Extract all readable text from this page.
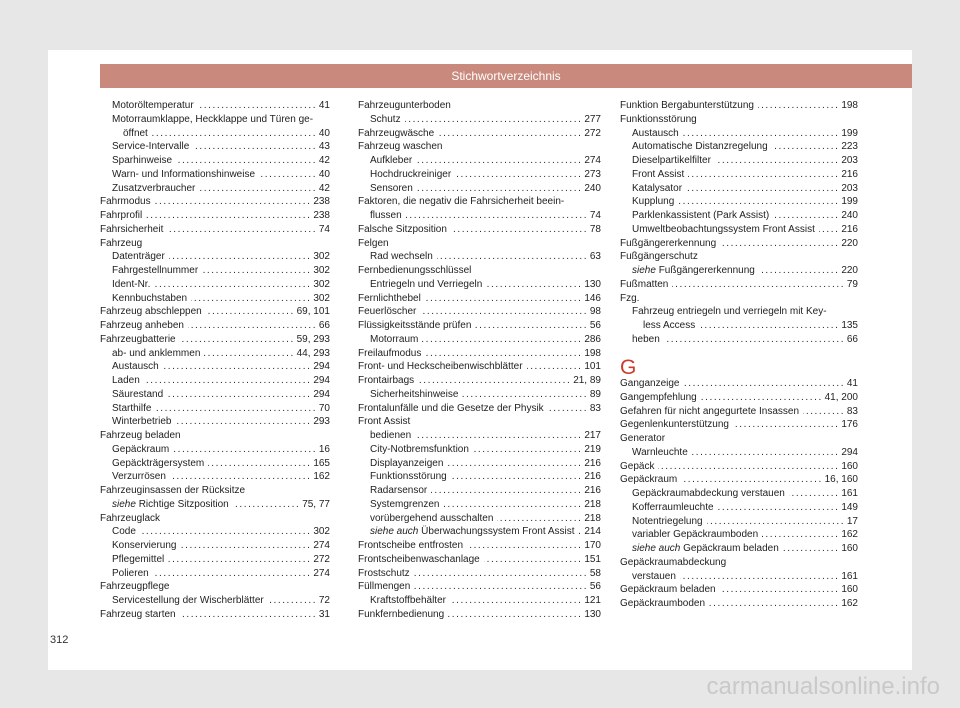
Stichwortverzeichnis
Motoröltemperatur . . .	41
Motorraumklappe, Heckklappe und Türen ge-
öffnet . . .	40
Service-Intervalle . . .	43
Sparhinweise . . .	42
Warn- und Informationshinweise . . .	40
Zusatzverbraucher . . .	42
Fahrmodus . . .	238
Fahrprofil . . .	238
Fahrsicherheit . . .	74
Fahrzeug
Datenträger . . .	302
Fahrgestellnummer . . .	302
Ident-Nr. . . .	302
Kennbuchstaben . . .	302
Fahrzeug abschleppen . . .	69, 101
Fahrzeug anheben . . .	66
Fahrzeugbatterie . . .	59, 293
ab- und anklemmen . . .	44, 293
Austausch . . .	294
Laden . . .	294
Säurestand . . .	294
Starthilfe . . .	70
Winterbetrieb . . .	293
Fahrzeug beladen
Gepäckraum . . .	16
Gepäckträgersystem . . .	165
Verzurrösen . . .	162
Fahrzeuginsassen der Rücksitze
siehe Richtige Sitzposition . . .	75, 77
Fahrzeuglack
Code . . .	302
Konservierung . . .	274
Pflegemittel . . .	272
Polieren . . .	274
Fahrzeugpflege
Servicestellung der Wischerblätter . . .	72
Fahrzeug starten . . .	31
Fahrzeugunterboden
Schutz . . .	277
Fahrzeugwäsche . . .	272
Fahrzeug waschen
Aufkleber . . .	274
Hochdruckreiniger . . .	273
Sensoren . . .	240
Faktoren, die negativ die Fahrsicherheit beein-
flussen . . .	74
Falsche Sitzposition . . .	78
Felgen
Rad wechseln . . .	63
Fernbedienungsschlüssel
Entriegeln und Verriegeln . . .	130
Fernlichthebel . . .	146
Feuerlöscher . . .	98
Flüssigkeitsstände prüfen . . .	56
Motorraum . . .	286
Freilaufmodus . . .	198
Front- und Heckscheibenwischblätter . . .	101
Frontairbags . . .	21, 89
Sicherheitshinweise . . .	89
Frontalunfälle und die Gesetze der Physik . . .	83
Front Assist
bedienen . . .	217
City-Notbremsfunktion . . .	219
Displayanzeigen . . .	216
Funktionsstörung . . .	216
Radarsensor . . .	216
Systemgrenzen . . .	218
vorübergehend ausschalten . . .	218
siehe auch Überwachungssystem Front Assist . . . 214
Frontscheibe entfrosten . . .	170
Frontscheibenwaschanlage . . .	151
Frostschutz . . .	58
Füllmengen . . .	56
Kraftstoffbehälter . . .	121
Funkfernbedienung . . .	130
Funktion Bergabunterstützung . . .	198
Funktionsstörung
Austausch . . .	199
Automatische Distanzregelung . . .	223
Dieselpartikelfilter . . .	203
Front Assist . . .	216
Katalysator . . .	203
Kupplung . . .	199
Parklenkassistent (Park Assist) . . .	240
Umweltbeobachtungssystem Front Assist . . .	216
Fußgängererkennung . . .	220
Fußgängerschutz
siehe Fußgängererkennung . . .	220
Fußmatten . . .	79
Fzg.
Fahrzeug entriegeln und verriegeln mit Key-
less Access . . .	135
heben . . .	66
G
Ganganzeige . . .	41
Gangempfehlung . . .	41, 200
Gefahren für nicht angegurtete Insassen . . .	83
Gegenlenkunterstützung . . .	176
Generator
Warnleuchte . . .	294
Gepäck . . .	160
Gepäckraum . . .	16, 160
Gepäckraumabdeckung verstauen . . .	161
Kofferraumleuchte . . .	149
Notentriegelung . . .	17
variabler Gepäckraumboden . . .	162
siehe auch Gepäckraum beladen . . .	160
Gepäckraumabdeckung
verstauen . . .	161
Gepäckraum beladen . . .	160
Gepäckraumboden . . .	162
312
carmanualsonline.info
